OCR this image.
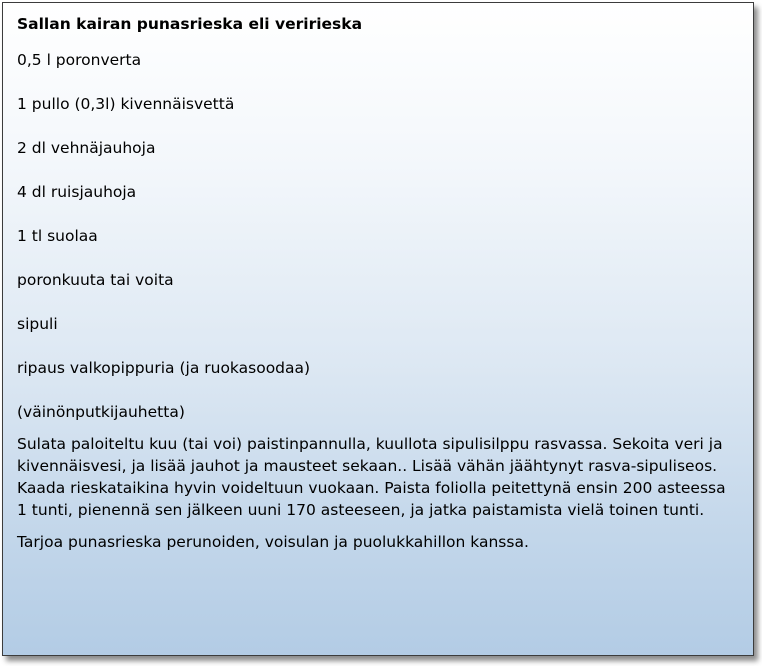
Sallan kairan punasrieska eli veririeska
0,5 l poronverta
1 pullo (0,3l) kivennäisvettä
2 dl vehnäjauhoja
4 dl ruisjauhoja
1 tl suolaa
poronkuuta tai voita
sipuli
ripaus valkopippuria (ja ruokasoodaa)
(väinönputkijauhetta)

Sulata paloiteltu kuu (tai voi) paistinpannulla, kuullota sipulisilppu rasvassa. Sekoita veri ja kivennäisvesi, ja lisää jauhot ja mausteet sekaan.. Lisää vähän jäähtynyt rasva-sipuliseos. Kaada rieskataikina hyvin voideltuun vuokaan. Paista foliolla peitettynä ensin 200 asteessa 1 tunti, pienennä sen jälkeen uuni 170 asteeseen, ja jatka paistamista vielä toinen tunti.

Tarjoa punasrieska perunoiden, voisulan ja puolukkahillon kanssa.
